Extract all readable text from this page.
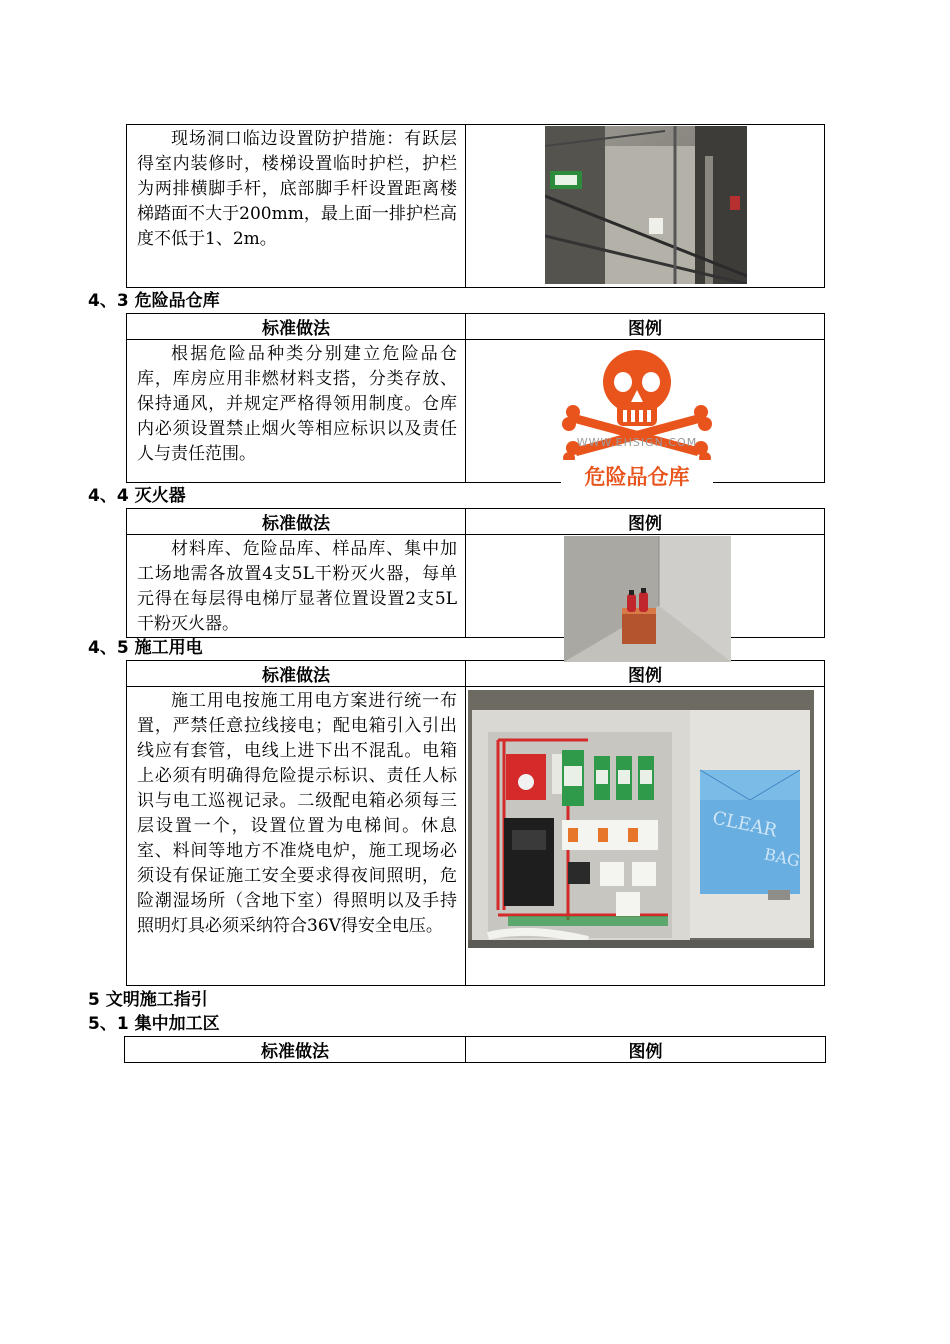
现场洞口临边设置防护措施：有跃层得室内装修时，楼梯设置临时护栏，护栏为两排横脚手杆，底部脚手杆设置距离楼梯踏面不大于200mm，最上面一排护栏高度不低于1、2m。

4、3 危险品仓库
标准做法	图例

根据危险品种类分别建立危险品仓库，库房应用非燃材料支搭，分类存放、保持通风，并规定严格得领用制度。仓库内必须设置禁止烟火等相应标识以及责任人与责任范围。	WWW.EHSIGN.COM
危险品仓库
4、4 灭火器
标准做法	图例

材料库、危险品库、样品库、集中加工场地需各放置4支5L干粉灭火器，每单元得在每层得电梯厅显著位置设置2支5L干粉灭火器。

4、5 施工用电
标准做法	图例

施工用电按施工用电方案进行统一布置，严禁任意拉线接电；配电箱引入引出线应有套管，电线上进下出不混乱。电箱上必须有明确得危险提示标识、责任人标识与电工巡视记录。二级配电箱必须每三层设置一个，设置位置为电梯间。休息室、料间等地方不准烧电炉，施工现场必须设有保证施工安全要求得夜间照明，危险潮湿场所（含地下室）得照明以及手持照明灯具必须采纳符合36V得安全电压。	CLEAR
BAG
5 文明施工指引
5、1 集中加工区
标准做法	图例
